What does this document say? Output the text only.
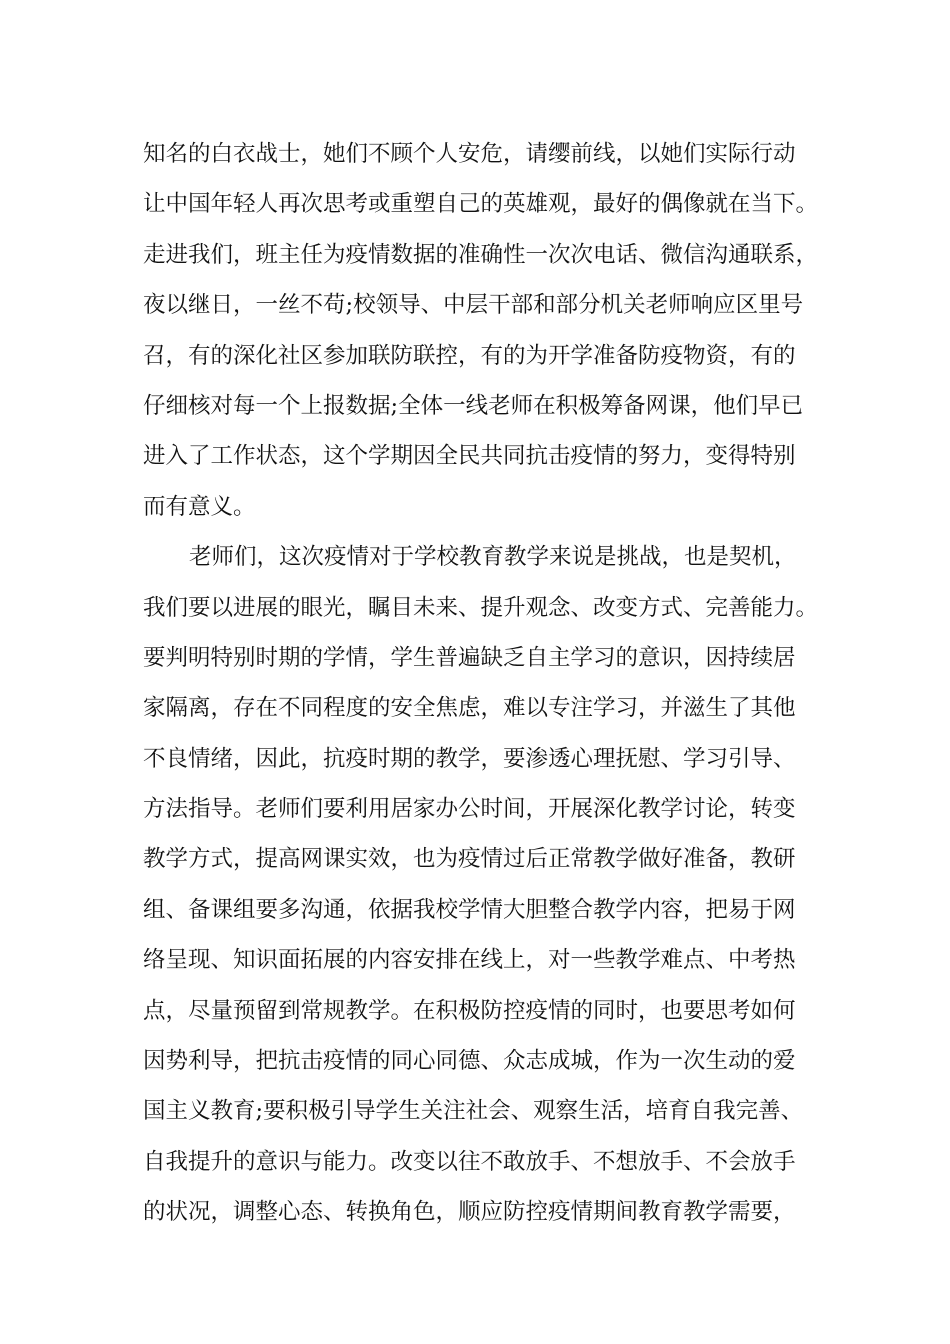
知名的白衣战士，她们不顾个人安危，请缨前线，以她们实际行动
让中国年轻人再次思考或重塑自己的英雄观，最好的偶像就在当下。
走进我们，班主任为疫情数据的准确性一次次电话、微信沟通联系，
夜以继日，一丝不苟;校领导、中层干部和部分机关老师响应区里号
召，有的深化社区参加联防联控，有的为开学准备防疫物资，有的
仔细核对每一个上报数据;全体一线老师在积极筹备网课，他们早已
进入了工作状态，这个学期因全民共同抗击疫情的努力，变得特别
而有意义。
老师们，这次疫情对于学校教育教学来说是挑战，也是契机，
我们要以进展的眼光，瞩目未来、提升观念、改变方式、完善能力。
要判明特别时期的学情，学生普遍缺乏自主学习的意识，因持续居
家隔离，存在不同程度的安全焦虑，难以专注学习，并滋生了其他
不良情绪，因此，抗疫时期的教学，要渗透心理抚慰、学习引导、
方法指导。老师们要利用居家办公时间，开展深化教学讨论，转变
教学方式，提高网课实效，也为疫情过后正常教学做好准备，教研
组、备课组要多沟通，依据我校学情大胆整合教学内容，把易于网
络呈现、知识面拓展的内容安排在线上，对一些教学难点、中考热
点，尽量预留到常规教学。在积极防控疫情的同时，也要思考如何
因势利导，把抗击疫情的同心同德、众志成城，作为一次生动的爱
国主义教育;要积极引导学生关注社会、观察生活，培育自我完善、
自我提升的意识与能力。改变以往不敢放手、不想放手、不会放手
的状况，调整心态、转换角色，顺应防控疫情期间教育教学需要，
